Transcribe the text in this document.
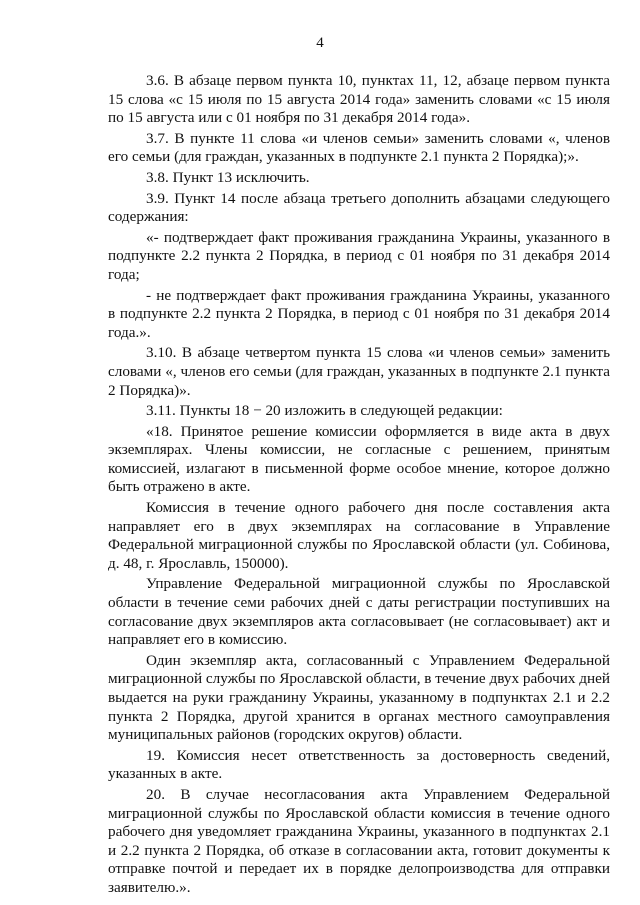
4

3.6. В абзаце первом пункта 10, пунктах 11, 12, абзаце первом пункта 15 слова «с 15 июля по 15 августа 2014 года» заменить словами «с 15 июля по 15 августа или с 01 ноября по 31 декабря 2014 года».

3.7. В пункте 11 слова «и членов семьи» заменить словами «, членов его семьи (для граждан, указанных в подпункте 2.1 пункта 2 Порядка);».

3.8. Пункт 13 исключить.

3.9. Пункт 14 после абзаца третьего дополнить абзацами следующего содержания:

«- подтверждает факт проживания гражданина Украины, указанного в подпункте 2.2 пункта 2 Порядка, в период с 01 ноября по 31 декабря 2014 года;

- не подтверждает факт проживания гражданина Украины, указанного в подпункте 2.2 пункта 2 Порядка, в период с 01 ноября по 31 декабря 2014 года.».

3.10. В абзаце четвертом пункта 15 слова «и членов семьи» заменить словами «, членов его семьи (для граждан, указанных в подпункте 2.1 пункта 2 Порядка)».

3.11. Пункты 18 − 20 изложить в следующей редакции:

«18. Принятое решение комиссии оформляется в виде акта в двух экземплярах. Члены комиссии, не согласные с решением, принятым комиссией, излагают в письменной форме особое мнение, которое должно быть отражено в акте.

Комиссия в течение одного рабочего дня после составления акта направляет его в двух экземплярах на согласование в Управление Федеральной миграционной службы по Ярославской области (ул. Собинова, д. 48, г. Ярославль, 150000).

Управление Федеральной миграционной службы по Ярославской области в течение семи рабочих дней с даты регистрации поступивших на согласование двух экземпляров акта согласовывает (не согласовывает) акт и направляет его в комиссию.

Один экземпляр акта, согласованный с Управлением Федеральной миграционной службы по Ярославской области, в течение двух рабочих дней выдается на руки гражданину Украины, указанному в подпунктах 2.1 и 2.2 пункта 2 Порядка, другой хранится в органах местного самоуправления муниципальных районов (городских округов) области.

19. Комиссия несет ответственность за достоверность сведений, указанных в акте.

20. В случае несогласования акта Управлением Федеральной миграционной службы по Ярославской области комиссия в течение одного рабочего дня уведомляет гражданина Украины, указанного в подпунктах 2.1 и 2.2 пункта 2 Порядка, об отказе в согласовании акта, готовит документы к отправке почтой и передает их в порядке делопроизводства для отправки заявителю.».
